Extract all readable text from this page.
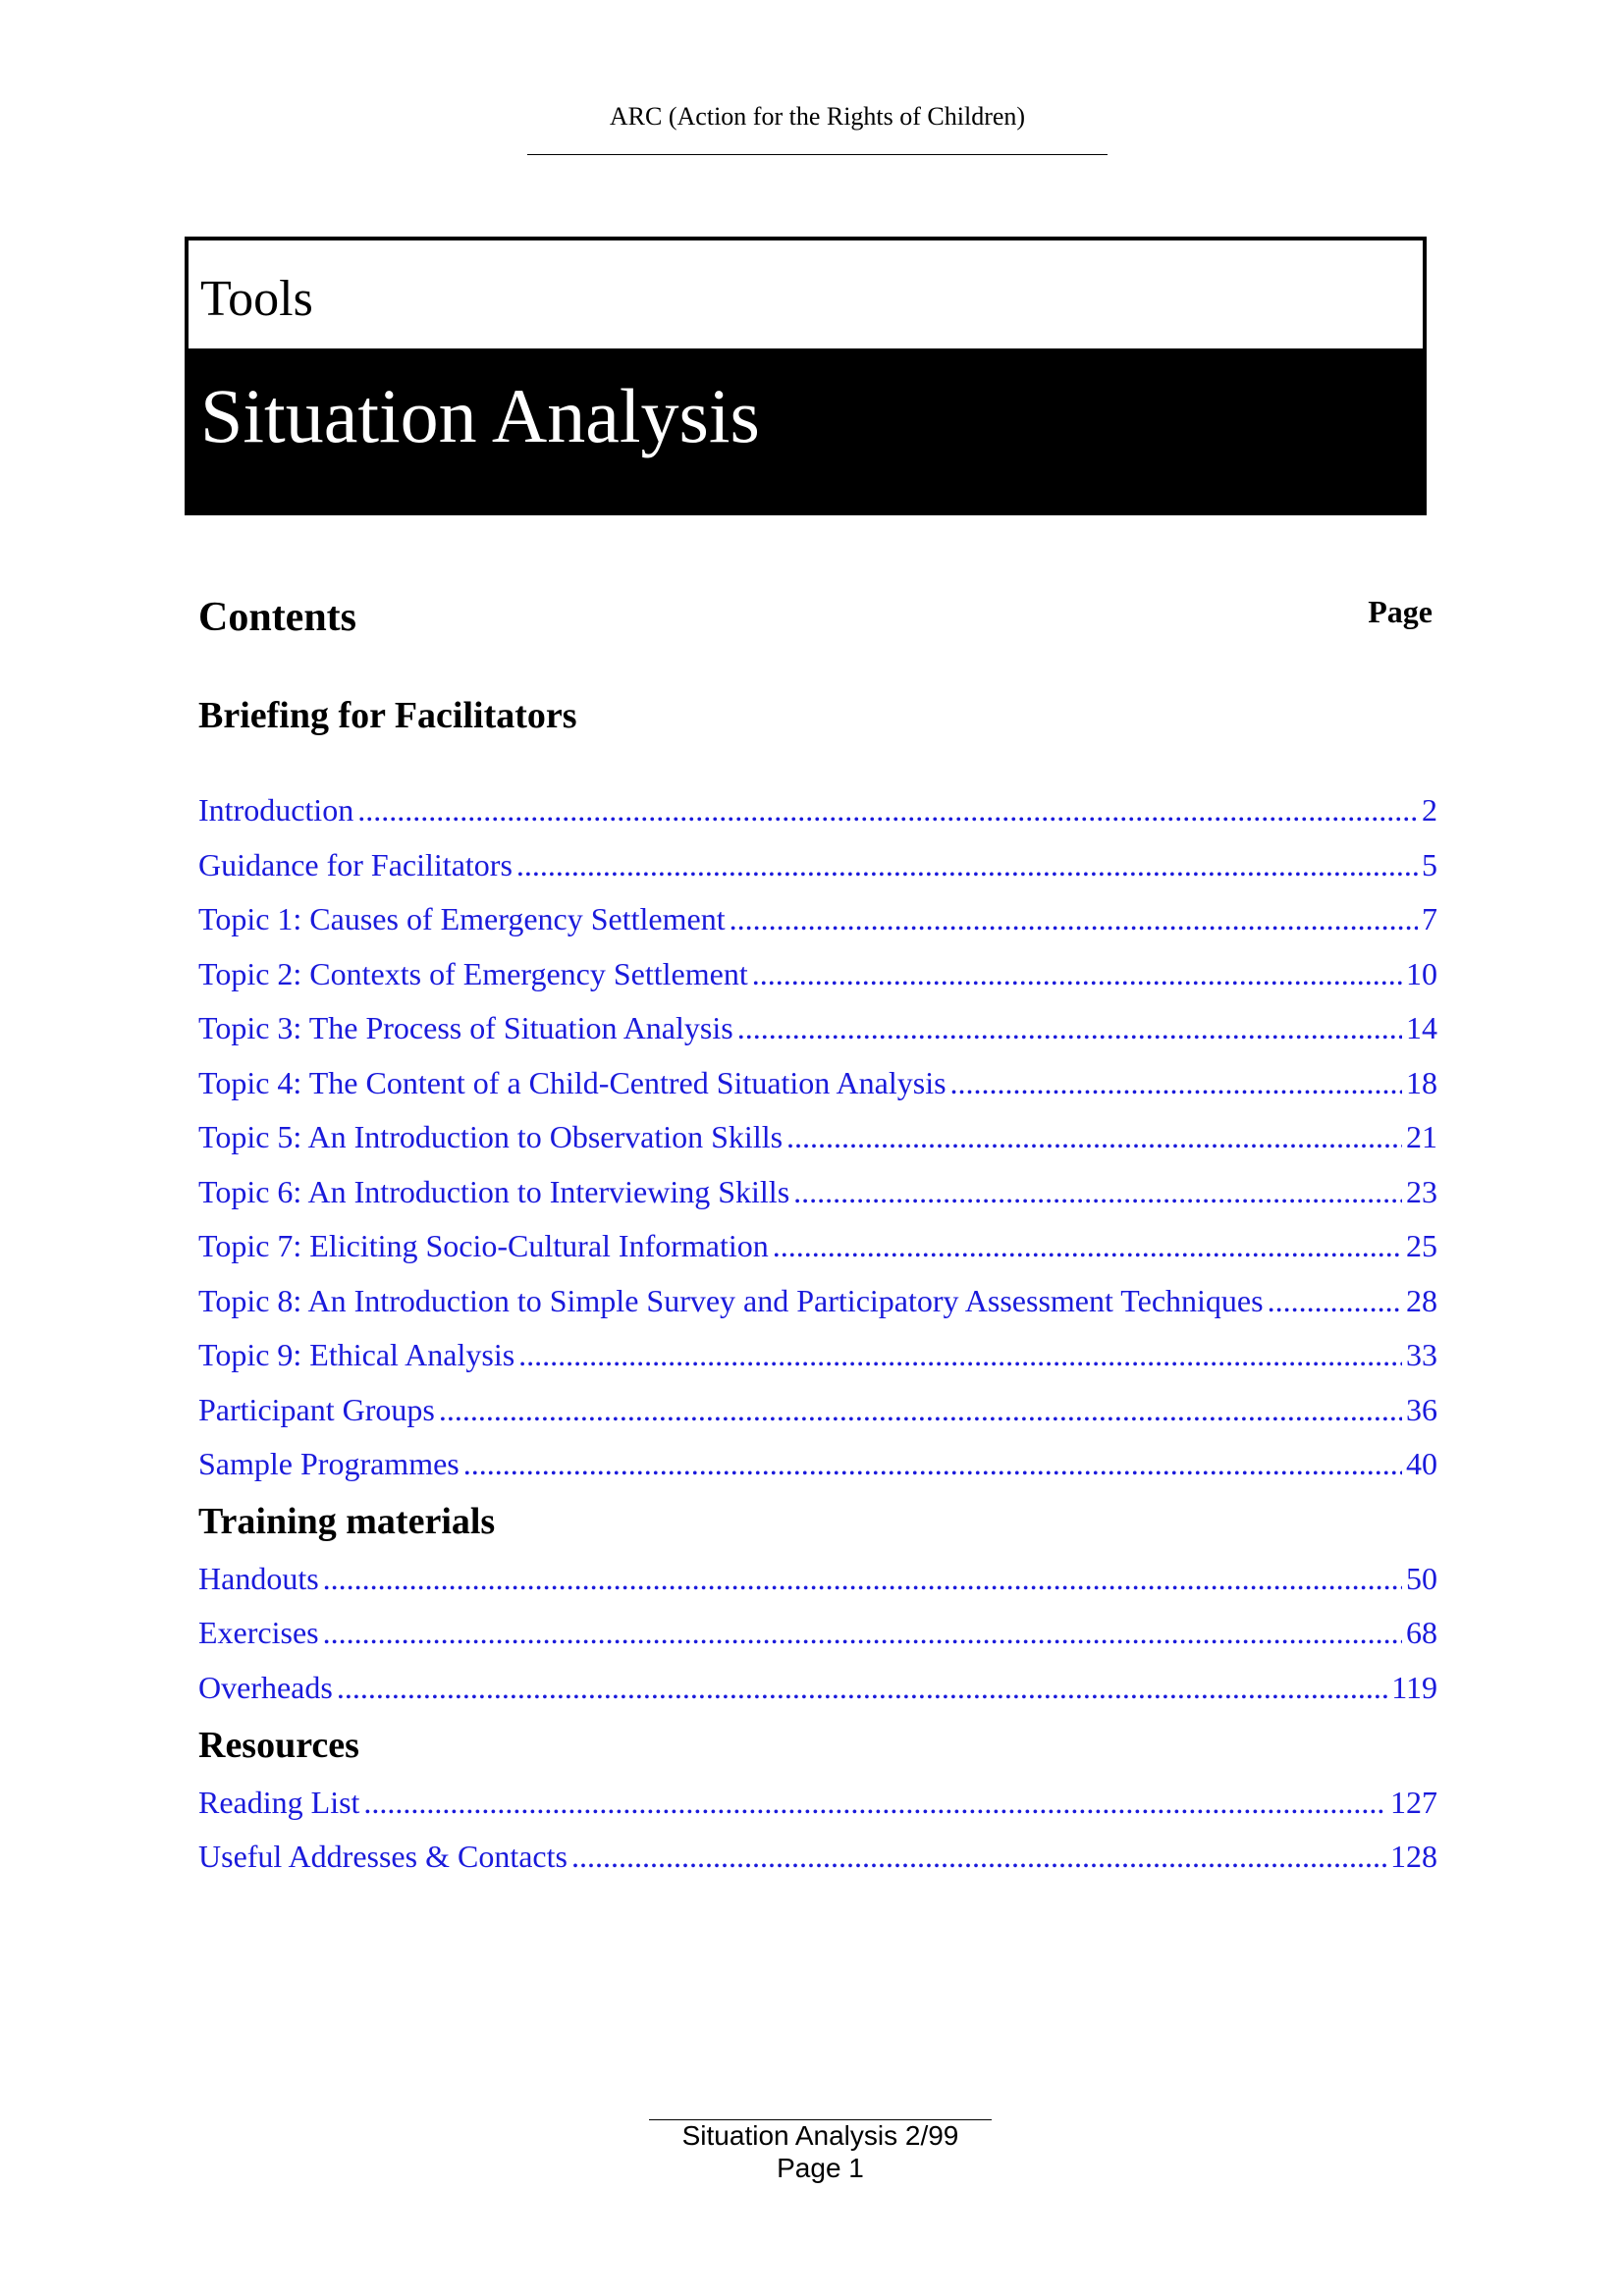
ARC (Action for the Rights of Children)
Tools
Situation Analysis
Contents	Page
Briefing for Facilitators
Introduction .....	2
Guidance for Facilitators .....	5
Topic 1: Causes of Emergency Settlement .....	7
Topic 2: Contexts of Emergency Settlement .....	10
Topic 3: The Process of Situation Analysis .....	14
Topic 4: The Content of a Child-Centred Situation Analysis .....	18
Topic 5: An Introduction to Observation Skills .....	21
Topic 6: An Introduction to Interviewing Skills .....	23
Topic 7: Eliciting Socio-Cultural Information .....	25
Topic 8: An Introduction to Simple Survey and Participatory Assessment Techniques .....	28
Topic 9: Ethical Analysis .....	33
Participant Groups .....	36
Sample Programmes .....	40
Training materials
Handouts .....	50
Exercises .....	68
Overheads .....	119
Resources
Reading List .....	127
Useful Addresses & Contacts .....	128
Situation Analysis 2/99
Page 1
